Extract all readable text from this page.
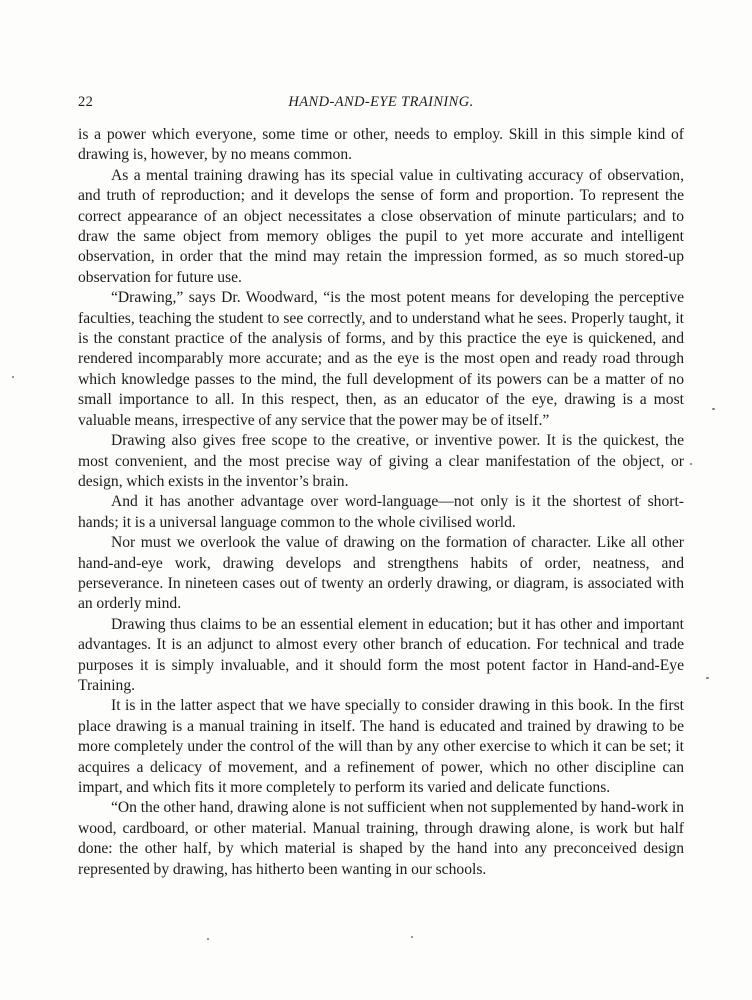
22	HAND-AND-EYE TRAINING.

is a power which everyone, some time or other, needs to employ. Skill in this simple kind of drawing is, however, by no means common.

As a mental training drawing has its special value in cultivating accuracy of observation, and truth of reproduction; and it develops the sense of form and proportion. To represent the correct appearance of an object necessitates a close observation of minute particulars; and to draw the same object from memory obliges the pupil to yet more accurate and intelligent observation, in order that the mind may retain the impression formed, as so much stored-up observation for future use.

“Drawing,” says Dr. Woodward, “is the most potent means for developing the perceptive faculties, teaching the student to see correctly, and to understand what he sees. Properly taught, it is the constant practice of the analysis of forms, and by this practice the eye is quickened, and rendered incomparably more accurate; and as the eye is the most open and ready road through which knowledge passes to the mind, the full development of its powers can be a matter of no small importance to all. In this respect, then, as an educator of the eye, drawing is a most valuable means, irrespective of any service that the power may be of itself.”

Drawing also gives free scope to the creative, or inventive power. It is the quickest, the most convenient, and the most precise way of giving a clear manifestation of the object, or design, which exists in the inventor’s brain.

And it has another advantage over word-language—not only is it the shortest of short-hands; it is a universal language common to the whole civilised world.

Nor must we overlook the value of drawing on the formation of character. Like all other hand-and-eye work, drawing develops and strengthens habits of order, neatness, and perseverance. In nineteen cases out of twenty an orderly drawing, or diagram, is associated with an orderly mind.

Drawing thus claims to be an essential element in education; but it has other and important advantages. It is an adjunct to almost every other branch of education. For technical and trade purposes it is simply invaluable, and it should form the most potent factor in Hand-and-Eye Training.

It is in the latter aspect that we have specially to consider drawing in this book. In the first place drawing is a manual training in itself. The hand is educated and trained by drawing to be more completely under the control of the will than by any other exercise to which it can be set; it acquires a delicacy of movement, and a refinement of power, which no other discipline can impart, and which fits it more completely to perform its varied and delicate functions.

“On the other hand, drawing alone is not sufficient when not supplemented by hand-work in wood, cardboard, or other material. Manual training, through drawing alone, is work but half done: the other half, by which material is shaped by the hand into any preconceived design represented by drawing, has hitherto been wanting in our schools.
